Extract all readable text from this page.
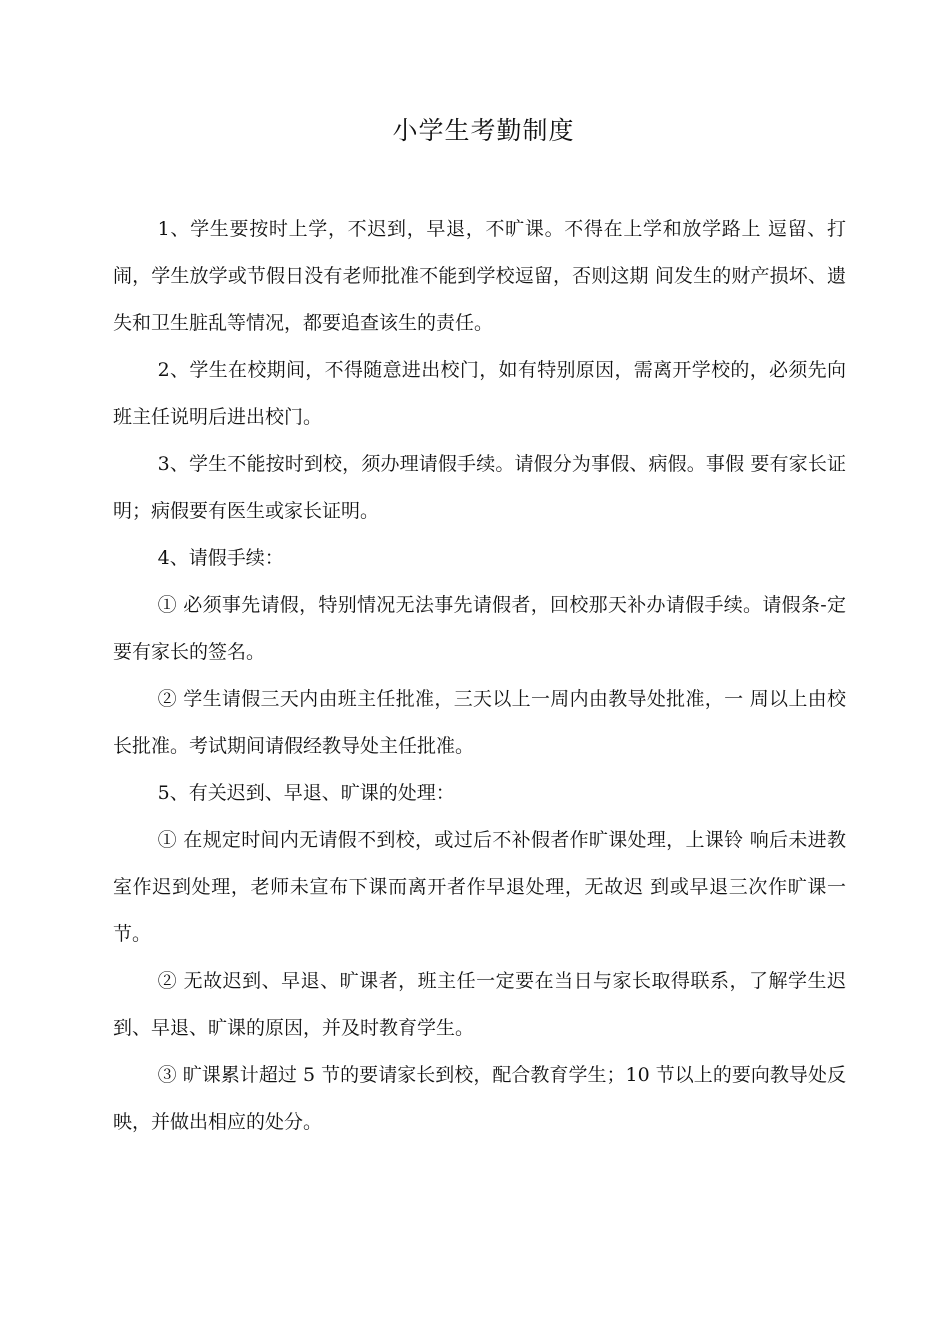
小学生考勤制度

1、学生要按时上学，不迟到，早退，不旷课。不得在上学和放学路上 逗留、打闹，学生放学或节假日没有老师批准不能到学校逗留，否则这期 间发生的财产损坏、遗失和卫生脏乱等情况，都要追查该生的责任。

2、学生在校期间，不得随意进出校门，如有特别原因，需离开学校的，必须先向班主任说明后进出校门。

3、学生不能按时到校，须办理请假手续。请假分为事假、病假。事假 要有家长证明；病假要有医生或家长证明。

4、请假手续：

① 必须事先请假，特别情况无法事先请假者，回校那天补办请假手续。请假条-定要有家长的签名。

② 学生请假三天内由班主任批准，三天以上一周内由教导处批准，一 周以上由校长批准。考试期间请假经教导处主任批准。

5、有关迟到、早退、旷课的处理：

① 在规定时间内无请假不到校，或过后不补假者作旷课处理，上课铃 响后未进教室作迟到处理，老师未宣布下课而离开者作早退处理，无故迟 到或早退三次作旷课一节。

② 无故迟到、早退、旷课者，班主任一定要在当日与家长取得联系，了解学生迟到、早退、旷课的原因，并及时教育学生。

③ 旷课累计超过 5 节的要请家长到校，配合教育学生；10 节以上的要向教导处反映，并做出相应的处分。
